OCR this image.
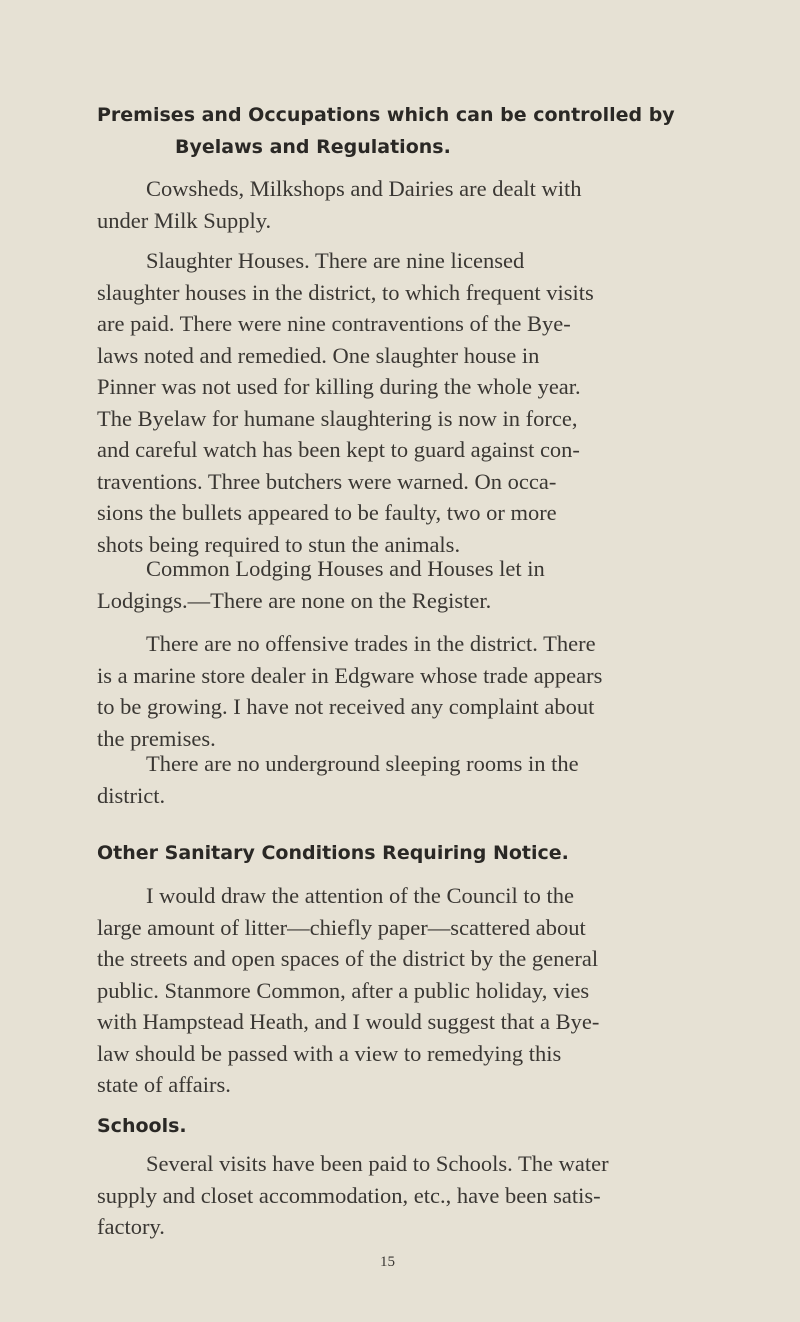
Premises and Occupations which can be controlled by
Byelaws and Regulations.
Cowsheds, Milkshops and Dairies are dealt with
under Milk Supply.
Slaughter Houses. There are nine licensed
slaughter houses in the district, to which frequent visits
are paid. There were nine contraventions of the Bye-
laws noted and remedied. One slaughter house in
Pinner was not used for killing during the whole year.
The Byelaw for humane slaughtering is now in force,
and careful watch has been kept to guard against con-
traventions. Three butchers were warned. On occa-
sions the bullets appeared to be faulty, two or more
shots being required to stun the animals.
Common Lodging Houses and Houses let in
Lodgings.—There are none on the Register.
There are no offensive trades in the district. There
is a marine store dealer in Edgware whose trade appears
to be growing. I have not received any complaint about
the premises.
There are no underground sleeping rooms in the
district.
Other Sanitary Conditions Requiring Notice.
I would draw the attention of the Council to the
large amount of litter—chiefly paper—scattered about
the streets and open spaces of the district by the general
public. Stanmore Common, after a public holiday, vies
with Hampstead Heath, and I would suggest that a Bye-
law should be passed with a view to remedying this
state of affairs.
Schools.
Several visits have been paid to Schools. The water
supply and closet accommodation, etc., have been satis-
factory.
15
